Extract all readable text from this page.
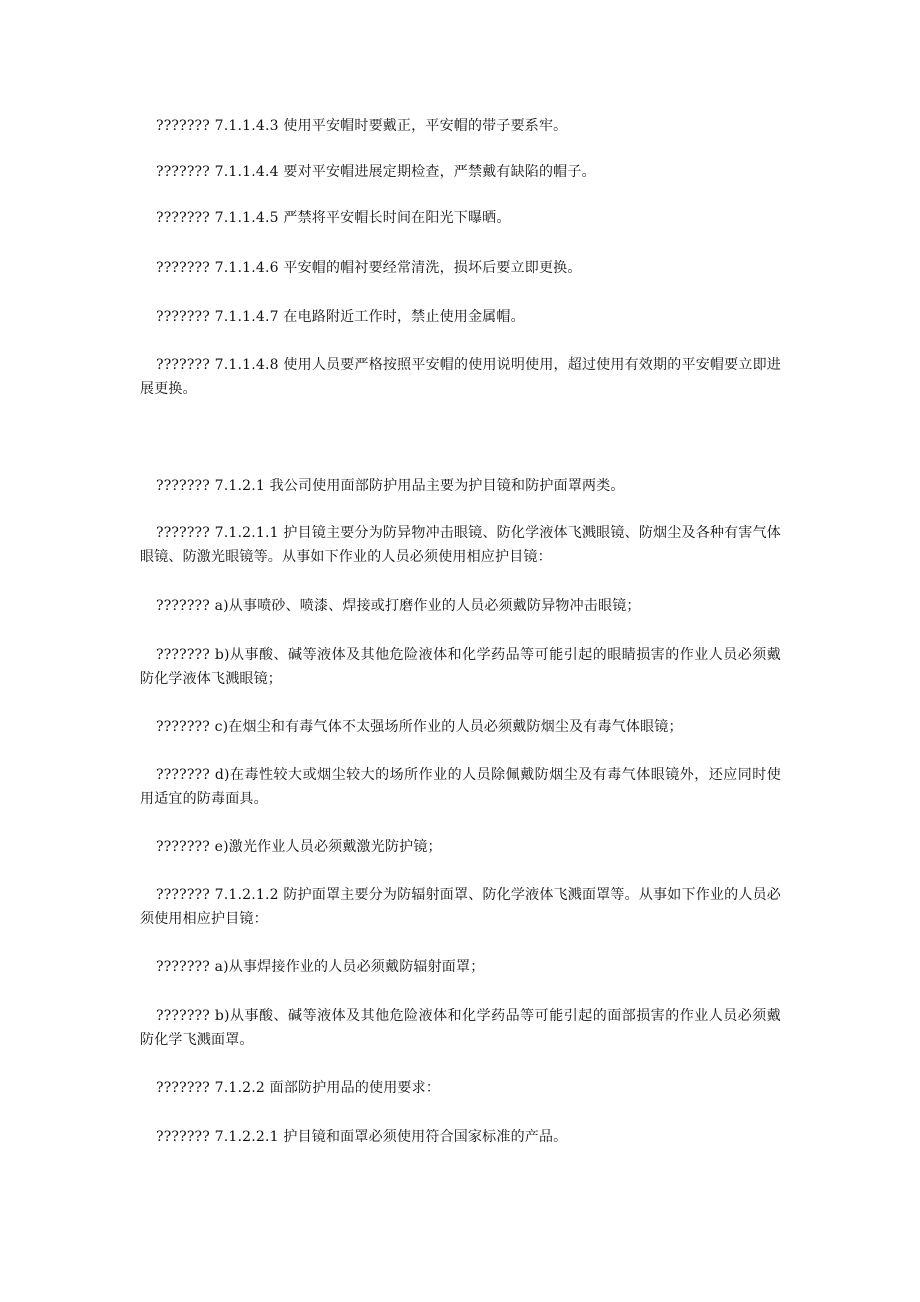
??????? 7.1.1.4.3 使用平安帽时要戴正，平安帽的带子要系牢。

??????? 7.1.1.4.4 要对平安帽进展定期检查，严禁戴有缺陷的帽子。

??????? 7.1.1.4.5 严禁将平安帽长时间在阳光下曝晒。

??????? 7.1.1.4.6 平安帽的帽衬要经常清洗，损坏后要立即更换。

??????? 7.1.1.4.7 在电路附近工作时，禁止使用金属帽。

??????? 7.1.1.4.8 使用人员要严格按照平安帽的使用说明使用，超过使用有效期的平安帽要立即进展更换。

??????? 7.1.2.1 我公司使用面部防护用品主要为护目镜和防护面罩两类。

??????? 7.1.2.1.1 护目镜主要分为防异物冲击眼镜、防化学液体飞溅眼镜、防烟尘及各种有害气体眼镜、防激光眼镜等。从事如下作业的人员必须使用相应护目镜：

??????? a)从事喷砂、喷漆、焊接或打磨作业的人员必须戴防异物冲击眼镜；

??????? b)从事酸、碱等液体及其他危险液体和化学药品等可能引起的眼睛损害的作业人员必须戴防化学液体飞溅眼镜；

??????? c)在烟尘和有毒气体不太强场所作业的人员必须戴防烟尘及有毒气体眼镜；

??????? d)在毒性较大或烟尘较大的场所作业的人员除佩戴防烟尘及有毒气体眼镜外，还应同时使用适宜的防毒面具。

??????? e)激光作业人员必须戴激光防护镜；

??????? 7.1.2.1.2 防护面罩主要分为防辐射面罩、防化学液体飞溅面罩等。从事如下作业的人员必须使用相应护目镜：

??????? a)从事焊接作业的人员必须戴防辐射面罩；

??????? b)从事酸、碱等液体及其他危险液体和化学药品等可能引起的面部损害的作业人员必须戴防化学飞溅面罩。

??????? 7.1.2.2 面部防护用品的使用要求：

??????? 7.1.2.2.1 护目镜和面罩必须使用符合国家标准的产品。
